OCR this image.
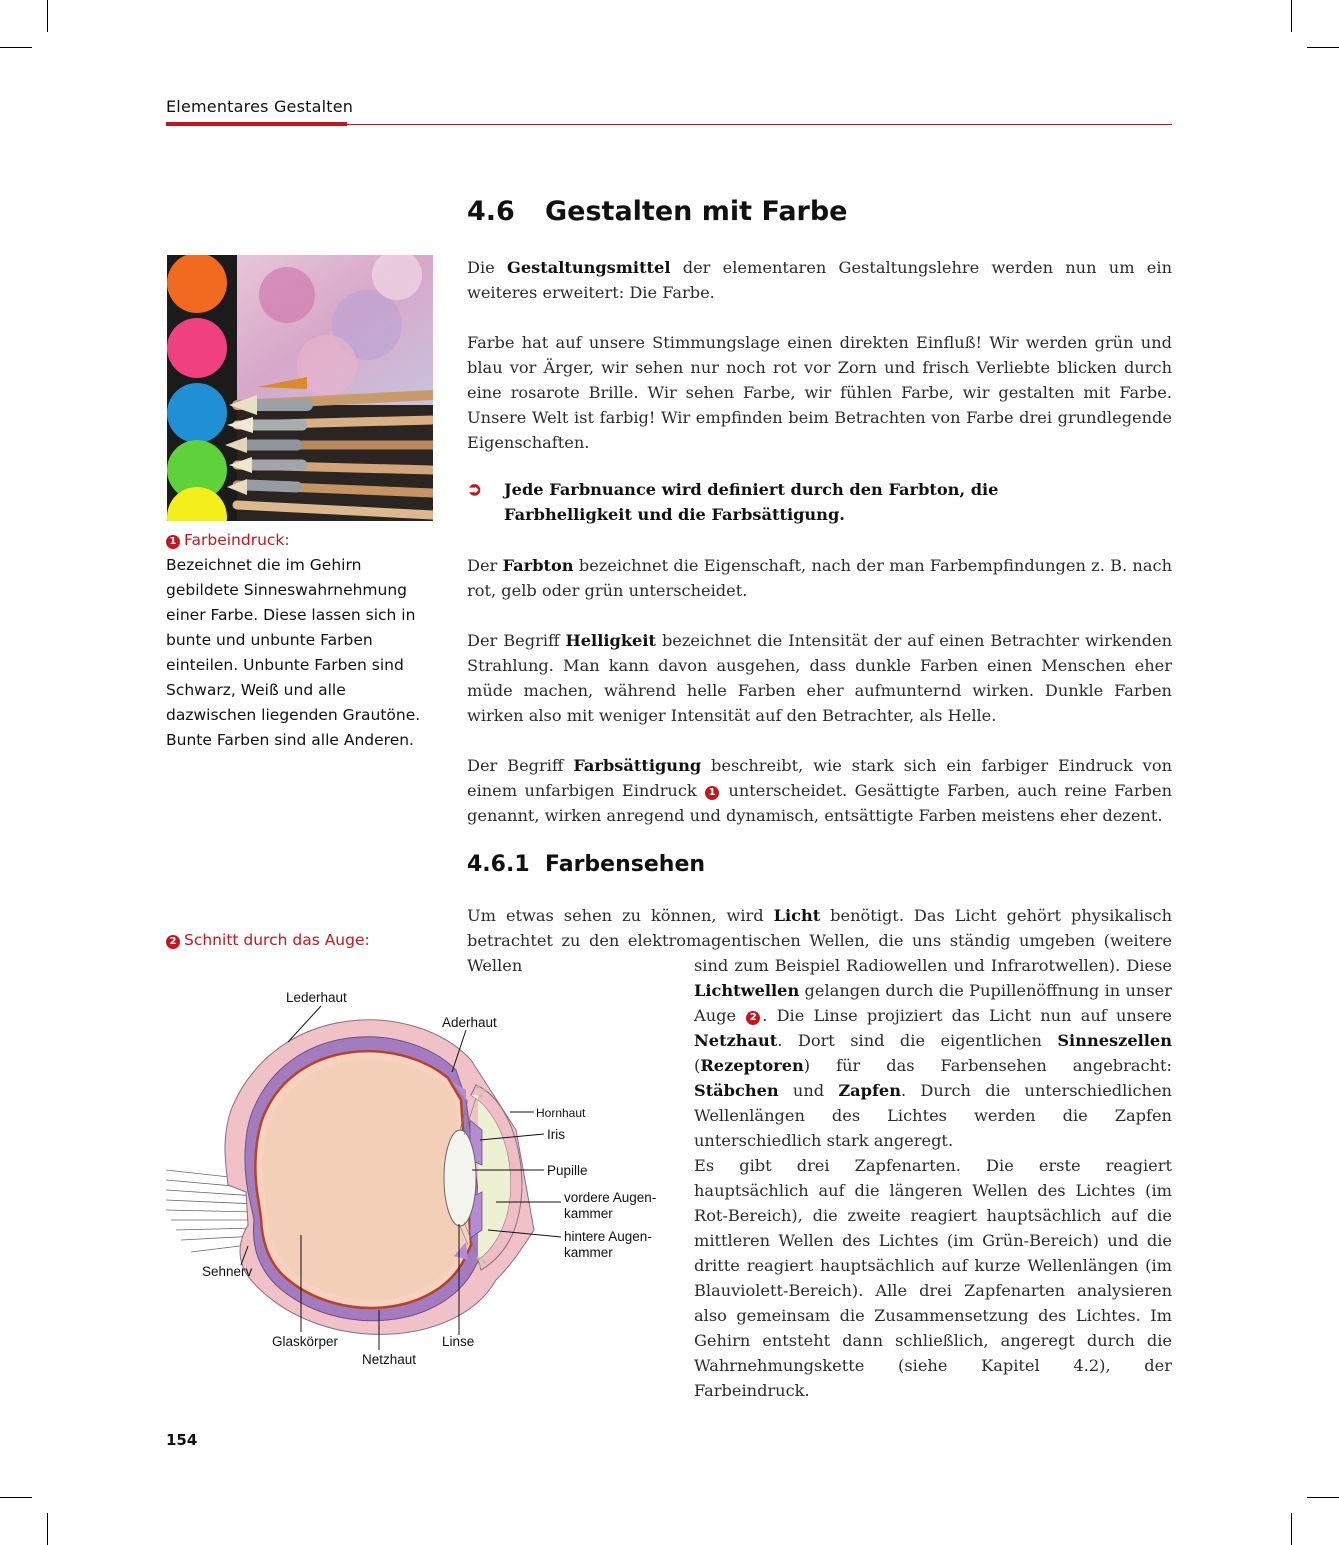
Elementares Gestalten
4.6 Gestalten mit Farbe

Die Gestaltungsmittel der elementaren Gestaltungslehre werden nun um ein weiteres erweitert: Die Farbe.

Farbe hat auf unsere Stimmungslage einen direkten Einfluß! Wir werden grün und blau vor Ärger, wir sehen nur noch rot vor Zorn und frisch Verliebte blicken durch eine rosarote Brille. Wir sehen Farbe, wir fühlen Farbe, wir gestalten mit Farbe. Unsere Welt ist farbig! Wir empfinden beim Betrachten von Farbe drei grundlegende Eigenschaften.

➲ Jede Farbnuance wird definiert durch den Farbton, die Farbhelligkeit und die Farbsättigung.

Der Farbton bezeichnet die Eigenschaft, nach der man Farbempfindungen z. B. nach rot, gelb oder grün unterscheidet.

Der Begriff Helligkeit bezeichnet die Intensität der auf einen Betrachter wirkenden Strahlung. Man kann davon ausgehen, dass dunkle Farben einen Menschen eher müde machen, während helle Farben eher aufmunternd wirken. Dunkle Farben wirken also mit weniger Intensität auf den Betrachter, als Helle.

Der Begriff Farbsättigung beschreibt, wie stark sich ein farbiger Eindruck von einem unfarbigen Eindruck 1 unterscheidet. Gesättigte Farben, auch reine Farben genannt, wirken anregend und dynamisch, entsättigte Farben meistens eher dezent.

4.6.1 Farbensehen

Um etwas sehen zu können, wird Licht benötigt. Das Licht gehört physikalisch betrachtet zu den elektromagentischen Wellen, die uns ständig umgeben (weitere Wellen	sind zum Beispiel Radiowellen und Infrarotwellen). Diese Lichtwellen gelangen durch die Pupillenöffnung in unser Auge 2 . Die Linse projiziert das Licht nun auf unsere Netzhaut. Dort sind die eigentlichen Sinneszellen (Rezeptoren) für das Farbensehen angebracht: Stäbchen und Zapfen. Durch die unterschiedlichen Wellenlängen des Lichtes werden die Zapfen unterschiedlich stark angeregt.

Es gibt drei Zapfenarten. Die erste reagiert hauptsächlich auf die längeren Wellen des Lichtes (im Rot-Bereich), die zweite reagiert hauptsächlich auf die mittleren Wellen des Lichtes (im Grün-Bereich) und die dritte reagiert hauptsächlich auf kurze Wellenlängen (im Blauviolett-Bereich). Alle drei Zapfenarten analysieren also gemeinsam die Zusammensetzung des Lichtes. Im Gehirn entsteht dann schließlich, angeregt durch die Wahrnehmungskette (siehe Kapitel 4.2), der Farbeindruck.

1 Farbeindruck:
Bezeichnet die im Gehirn gebildete Sinneswahrnehmung einer Farbe. Diese lassen sich in bunte und unbunte Farben einteilen. Unbunte Farben sind Schwarz, Weiß und alle dazwischen liegenden Grautöne. Bunte Farben sind alle Anderen.
2 Schnitt durch das Auge:
Lederhaut
Aderhaut
Hornhaut
Iris
Pupille
vordere Augen-
kammer
hintere Augen-
kammer
Sehnerv
Glaskörper
Netzhaut
Linse
154
